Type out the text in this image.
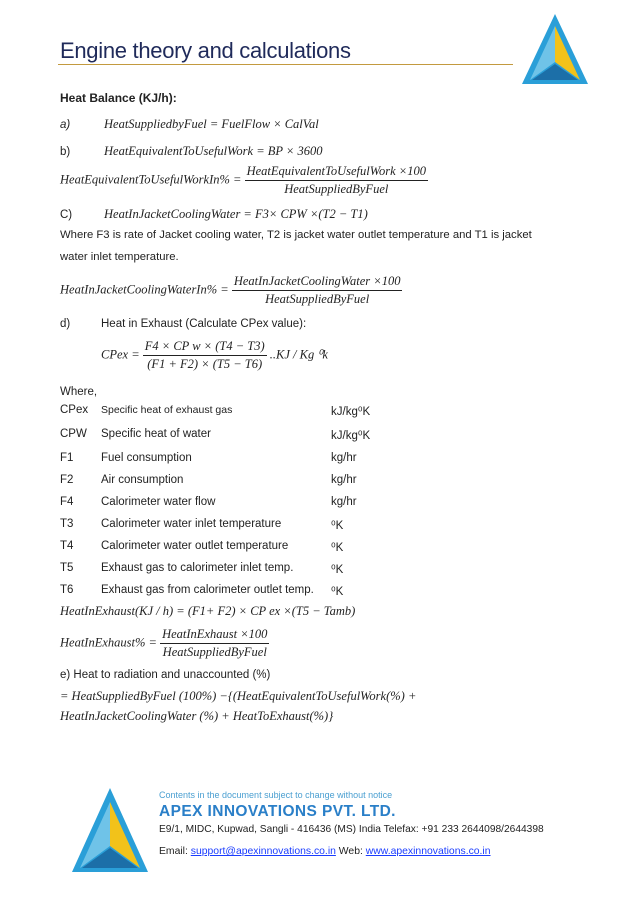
Engine theory and calculations
Heat Balance (KJ/h):
a)	HeatSuppliedbyFuel = FuelFlow × CalVal
b)	HeatEquivalentToUsefulWork = BP × 3600
HeatEquivalentToUsefulWorkIn% = $\frac{\text{HeatEquivalentToUsefulWork ×100}}{\text{HeatSuppliedByFuel}}$
C)	HeatInJacketCoolingWater = F3× CPW ×(T2 − T1)
Where F3 is rate of Jacket cooling water, T2 is jacket water outlet temperature and T1 is jacket
water inlet temperature.
HeatInJacketCoolingWaterIn% = $\frac{\text{HeatInJacketCoolingWater ×100}}{\text{HeatSuppliedByFuel}}$
d)	Heat in Exhaust (Calculate CPex value):
CPex = $\frac{\text{F4 × CP w × (T4 − T3)}}{(F1 + F2) \times (T5 - T6)} ..KJ$ / Kg ⁰k
Where,
CPex Specific heat of exhaust gas	kJ/kg⁰K
CPW Specific heat of water	kJ/kg⁰K
F1 Fuel consumption	kg/hr
F2 Air consumption	kg/hr
F4 Calorimeter water flow	kg/hr
T3 Calorimeter water inlet temperature	⁰K
T4 Calorimeter water outlet temperature	⁰K
T5 Exhaust gas to calorimeter inlet temp.	⁰K
T6 Exhaust gas from calorimeter outlet temp. ⁰K
HeatInExhaust(KJ / h) = (F1+ F2) × CP ex ×(T5 − Tamb)
HeatInExhaust% = $\frac{\text{HeatInExhaust ×100}}{\text{HeatSuppliedByFuel}}$
e) Heat to radiation and unaccounted (%)
= HeatSuppliedByFuel (100%) −{(HeatEquivalentToUsefulWork(%) +
HeatInJacketCoolingWater (%) + HeatToExhaust(%)}
Contents in the document subject to change without notice
APEX INNOVATIONS PVT. LTD.
E9/1, MIDC, Kupwad, Sangli - 416436 (MS) India Telefax: +91 233 2644098/2644398
Email: support@apexinnovations.co.in Web: www.apexinnovations.co.in
